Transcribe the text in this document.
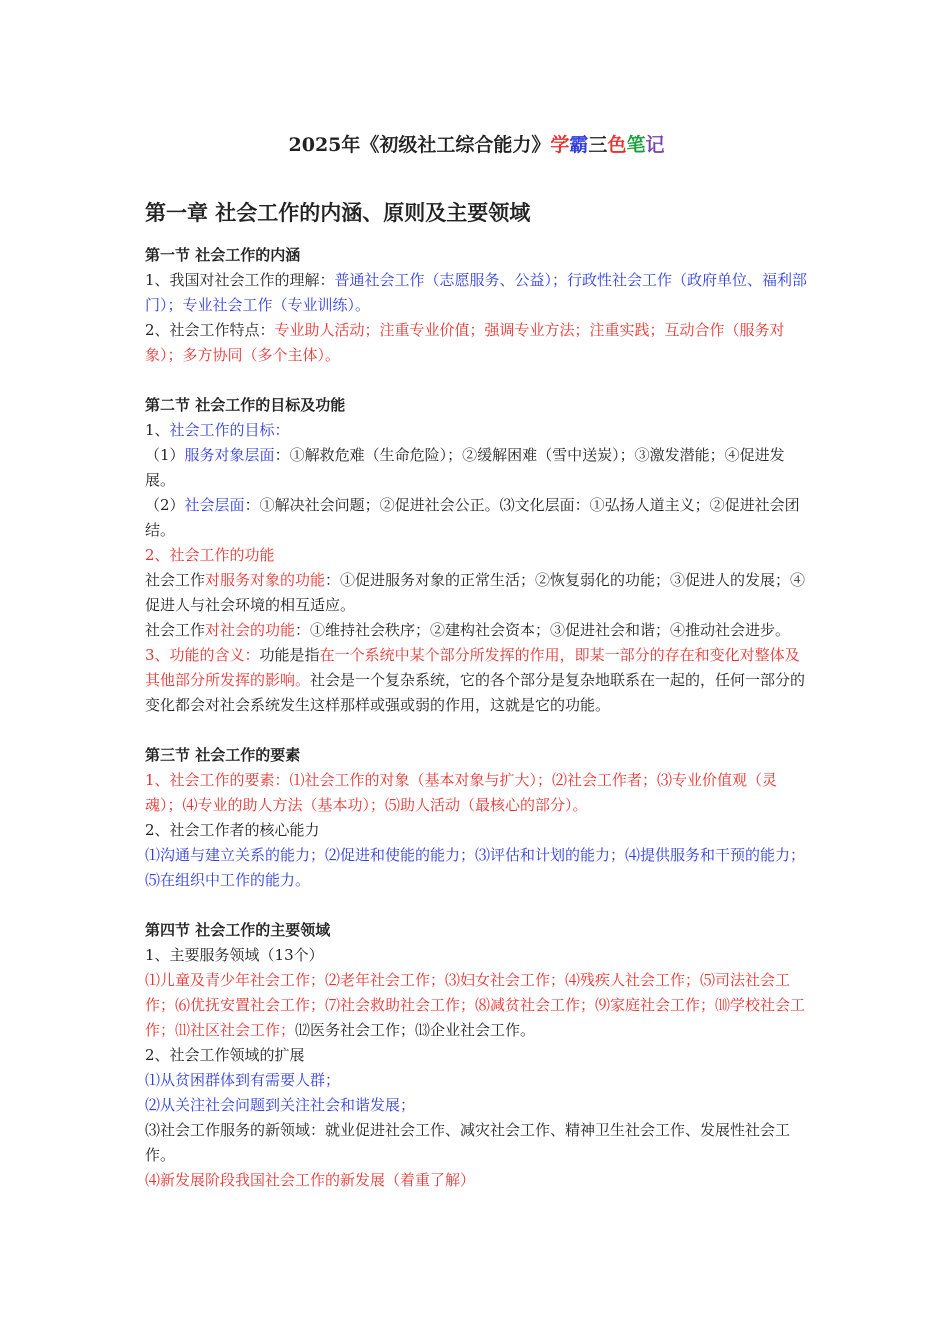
2025年《初级社工综合能力》学霸三色笔记
第一章 社会工作的内涵、原则及主要领域
第一节 社会工作的内涵

1、我国对社会工作的理解：普通社会工作（志愿服务、公益）；行政性社会工作（政府单位、福利部门）；专业社会工作（专业训练）。

2、社会工作特点：专业助人活动；注重专业价值；强调专业方法；注重实践；互动合作（服务对象）；多方协同（多个主体）。

第二节 社会工作的目标及功能

1、社会工作的目标：

（1）服务对象层面：①解救危难（生命危险）；②缓解困难（雪中送炭）；③激发潜能；④促进发展。

（2）社会层面：①解决社会问题；②促进社会公正。⑶文化层面：①弘扬人道主义；②促进社会团结。

2、社会工作的功能

社会工作对服务对象的功能：①促进服务对象的正常生活；②恢复弱化的功能；③促进人的发展；④促进人与社会环境的相互适应。

社会工作对社会的功能：①维持社会秩序；②建构社会资本；③促进社会和谐；④推动社会进步。

3、功能的含义：功能是指在一个系统中某个部分所发挥的作用，即某一部分的存在和变化对整体及其他部分所发挥的影响。社会是一个复杂系统，它的各个部分是复杂地联系在一起的，任何一部分的变化都会对社会系统发生这样那样或强或弱的作用，这就是它的功能。

第三节 社会工作的要素

1、社会工作的要素：⑴社会工作的对象（基本对象与扩大）；⑵社会工作者；⑶专业价值观（灵魂）；⑷专业的助人方法（基本功）；⑸助人活动（最核心的部分）。

2、社会工作者的核心能力

⑴沟通与建立关系的能力；⑵促进和使能的能力；⑶评估和计划的能力；⑷提供服务和干预的能力；⑸在组织中工作的能力。

第四节 社会工作的主要领域

1、主要服务领域（13个）

⑴儿童及青少年社会工作；⑵老年社会工作；⑶妇女社会工作；⑷残疾人社会工作；⑸司法社会工作；⑹优抚安置社会工作；⑺社会救助社会工作；⑻减贫社会工作；⑼家庭社会工作；⑽学校社会工作；⑾社区社会工作；⑿医务社会工作；⒀企业社会工作。

2、社会工作领域的扩展

⑴从贫困群体到有需要人群；

⑵从关注社会问题到关注社会和谐发展；

⑶社会工作服务的新领域：就业促进社会工作、减灾社会工作、精神卫生社会工作、发展性社会工作。

⑷新发展阶段我国社会工作的新发展（着重了解）
